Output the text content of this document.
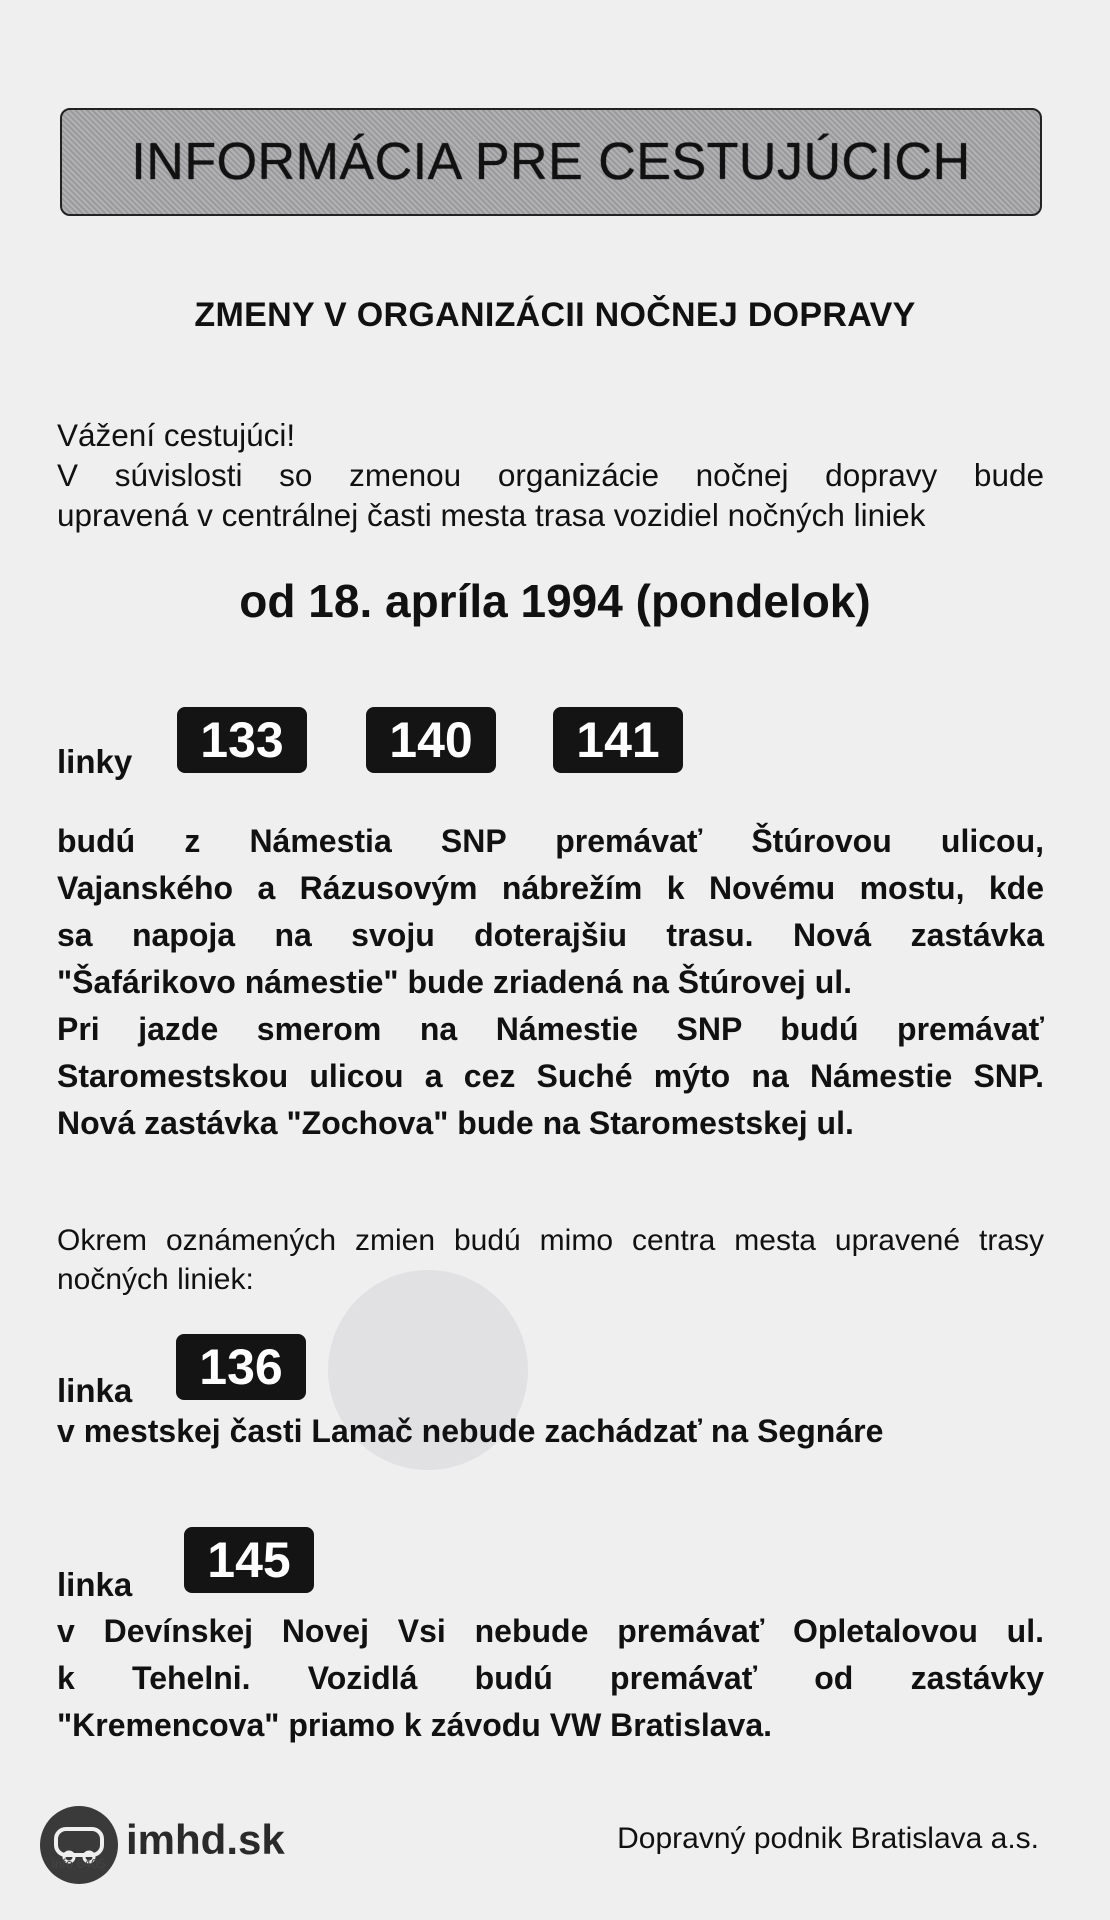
INFORMÁCIA PRE CESTUJÚCICH
ZMENY V ORGANIZÁCII NOČNEJ DOPRAVY
Vážení cestujúci!
V súvislosti so zmenou organizácie nočnej dopravy bude
upravená v centrálnej časti mesta trasa vozidiel nočných liniek
od 18. apríla 1994 (pondelok)
linky	133	140	141
budú z Námestia SNP premávať Štúrovou ulicou,
Vajanského a Rázusovým nábrežím k Novému mostu, kde
sa napoja na svoju doterajšiu trasu. Nová zastávka
"Šafárikovo námestie" bude zriadená na Štúrovej ul.
Pri jazde smerom na Námestie SNP budú premávať
Staromestskou ulicou a cez Suché mýto na Námestie SNP.
Nová zastávka "Zochova" bude na Staromestskej ul.
Okrem oznámených zmien budú mimo centra mesta upravené trasy
nočných liniek:
linka	136
v mestskej časti Lamač nebude zachádzať na Segnáre
linka	145
v Devínskej Novej Vsi nebude premávať Opletalovou ul.
k Tehelni. Vozidlá budú premávať od zastávky
"Kremencova" priamo k závodu VW Bratislava.
imhd.sk
info 6405
Dopravný podnik Bratislava a.s.
